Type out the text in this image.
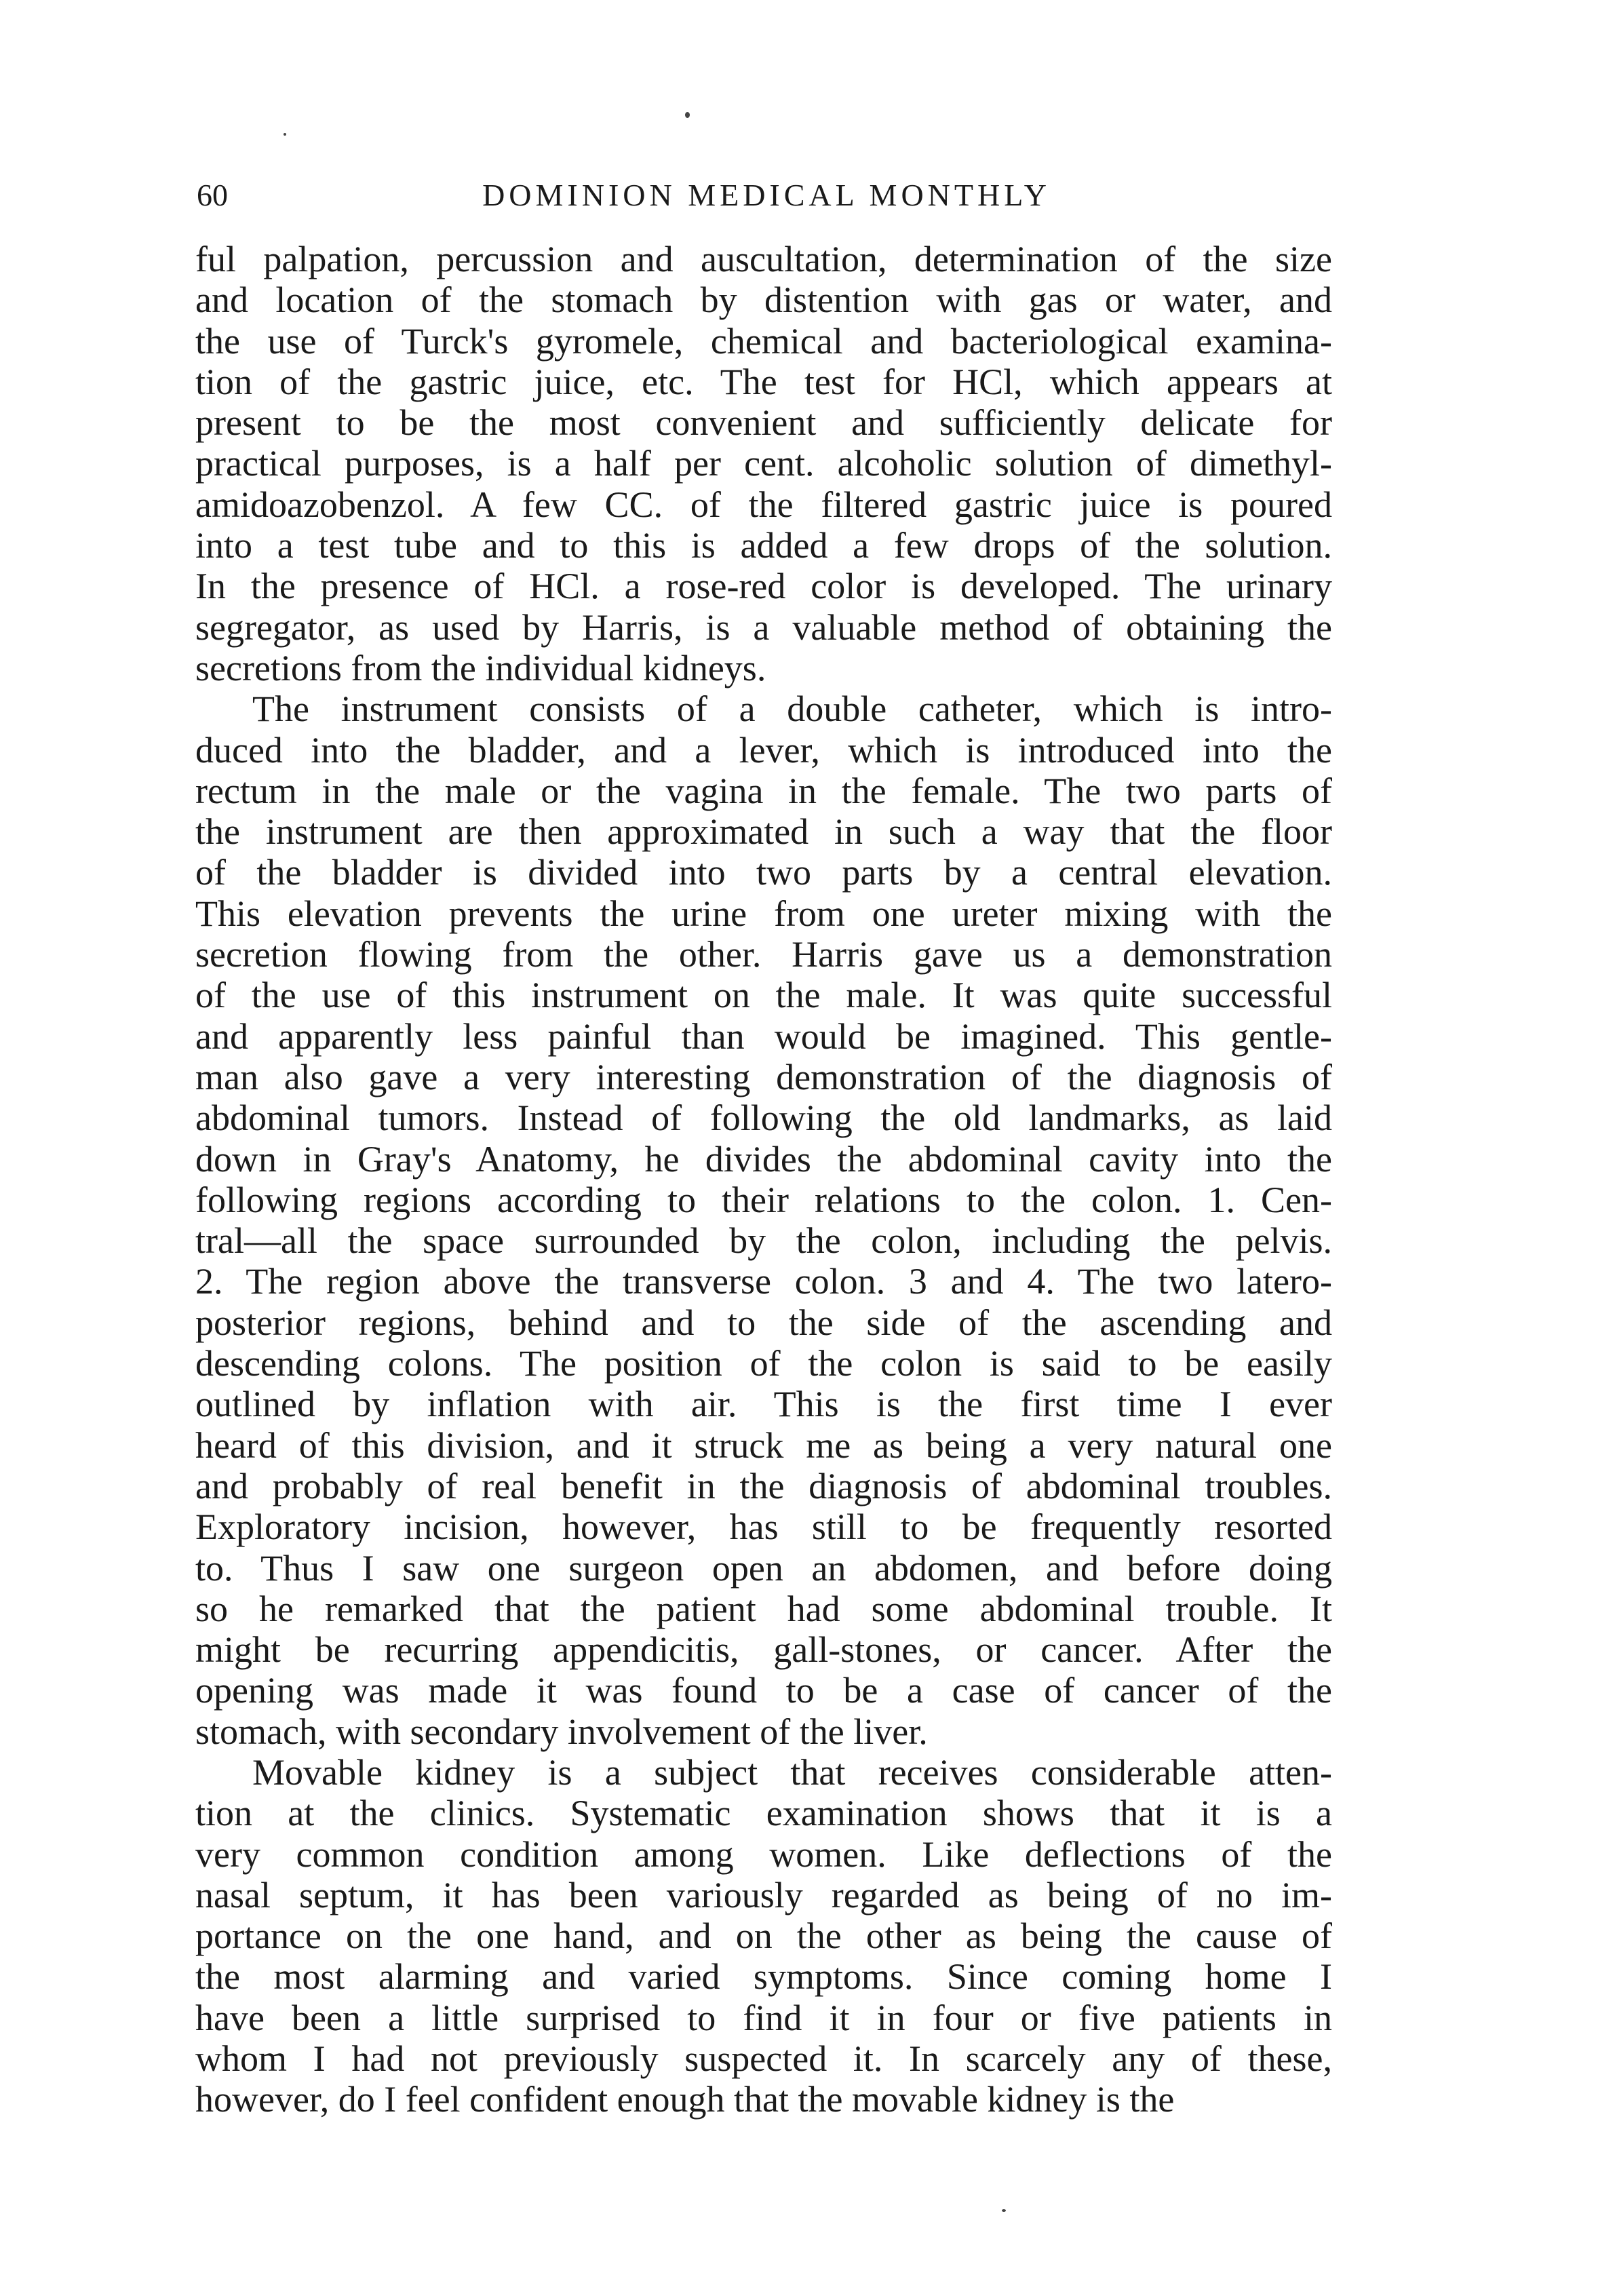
60	DOMINION MEDICAL MONTHLY

ful palpation, percussion and auscultation, determination of the size
and location of the stomach by distention with gas or water, and
the use of Turck's gyromele, chemical and bacteriological examina-
tion of the gastric juice, etc. The test for HCl, which appears at
present to be the most convenient and sufficiently delicate for
practical purposes, is a half per cent. alcoholic solution of dimethyl-
amidoazobenzol. A few CC. of the filtered gastric juice is poured
into a test tube and to this is added a few drops of the solution.
In the presence of HCl. a rose-red color is developed. The urinary
segregator, as used by Harris, is a valuable method of obtaining the
secretions from the individual kidneys.

The instrument consists of a double catheter, which is intro-
duced into the bladder, and a lever, which is introduced into the
rectum in the male or the vagina in the female. The two parts of
the instrument are then approximated in such a way that the floor
of the bladder is divided into two parts by a central elevation.
This elevation prevents the urine from one ureter mixing with the
secretion flowing from the other. Harris gave us a demonstration
of the use of this instrument on the male. It was quite successful
and apparently less painful than would be imagined. This gentle-
man also gave a very interesting demonstration of the diagnosis of
abdominal tumors. Instead of following the old landmarks, as laid
down in Gray's Anatomy, he divides the abdominal cavity into the
following regions according to their relations to the colon. 1. Cen-
tral—all the space surrounded by the colon, including the pelvis.
2. The region above the transverse colon. 3 and 4. The two latero-
posterior regions, behind and to the side of the ascending and
descending colons. The position of the colon is said to be easily
outlined by inflation with air. This is the first time I ever
heard of this division, and it struck me as being a very natural one
and probably of real benefit in the diagnosis of abdominal troubles.
Exploratory incision, however, has still to be frequently resorted
to. Thus I saw one surgeon open an abdomen, and before doing
so he remarked that the patient had some abdominal trouble. It
might be recurring appendicitis, gall-stones, or cancer. After the
opening was made it was found to be a case of cancer of the
stomach, with secondary involvement of the liver.

Movable kidney is a subject that receives considerable atten-
tion at the clinics. Systematic examination shows that it is a
very common condition among women. Like deflections of the
nasal septum, it has been variously regarded as being of no im-
portance on the one hand, and on the other as being the cause of
the most alarming and varied symptoms. Since coming home I
have been a little surprised to find it in four or five patients in
whom I had not previously suspected it. In scarcely any of these,
however, do I feel confident enough that the movable kidney is the
